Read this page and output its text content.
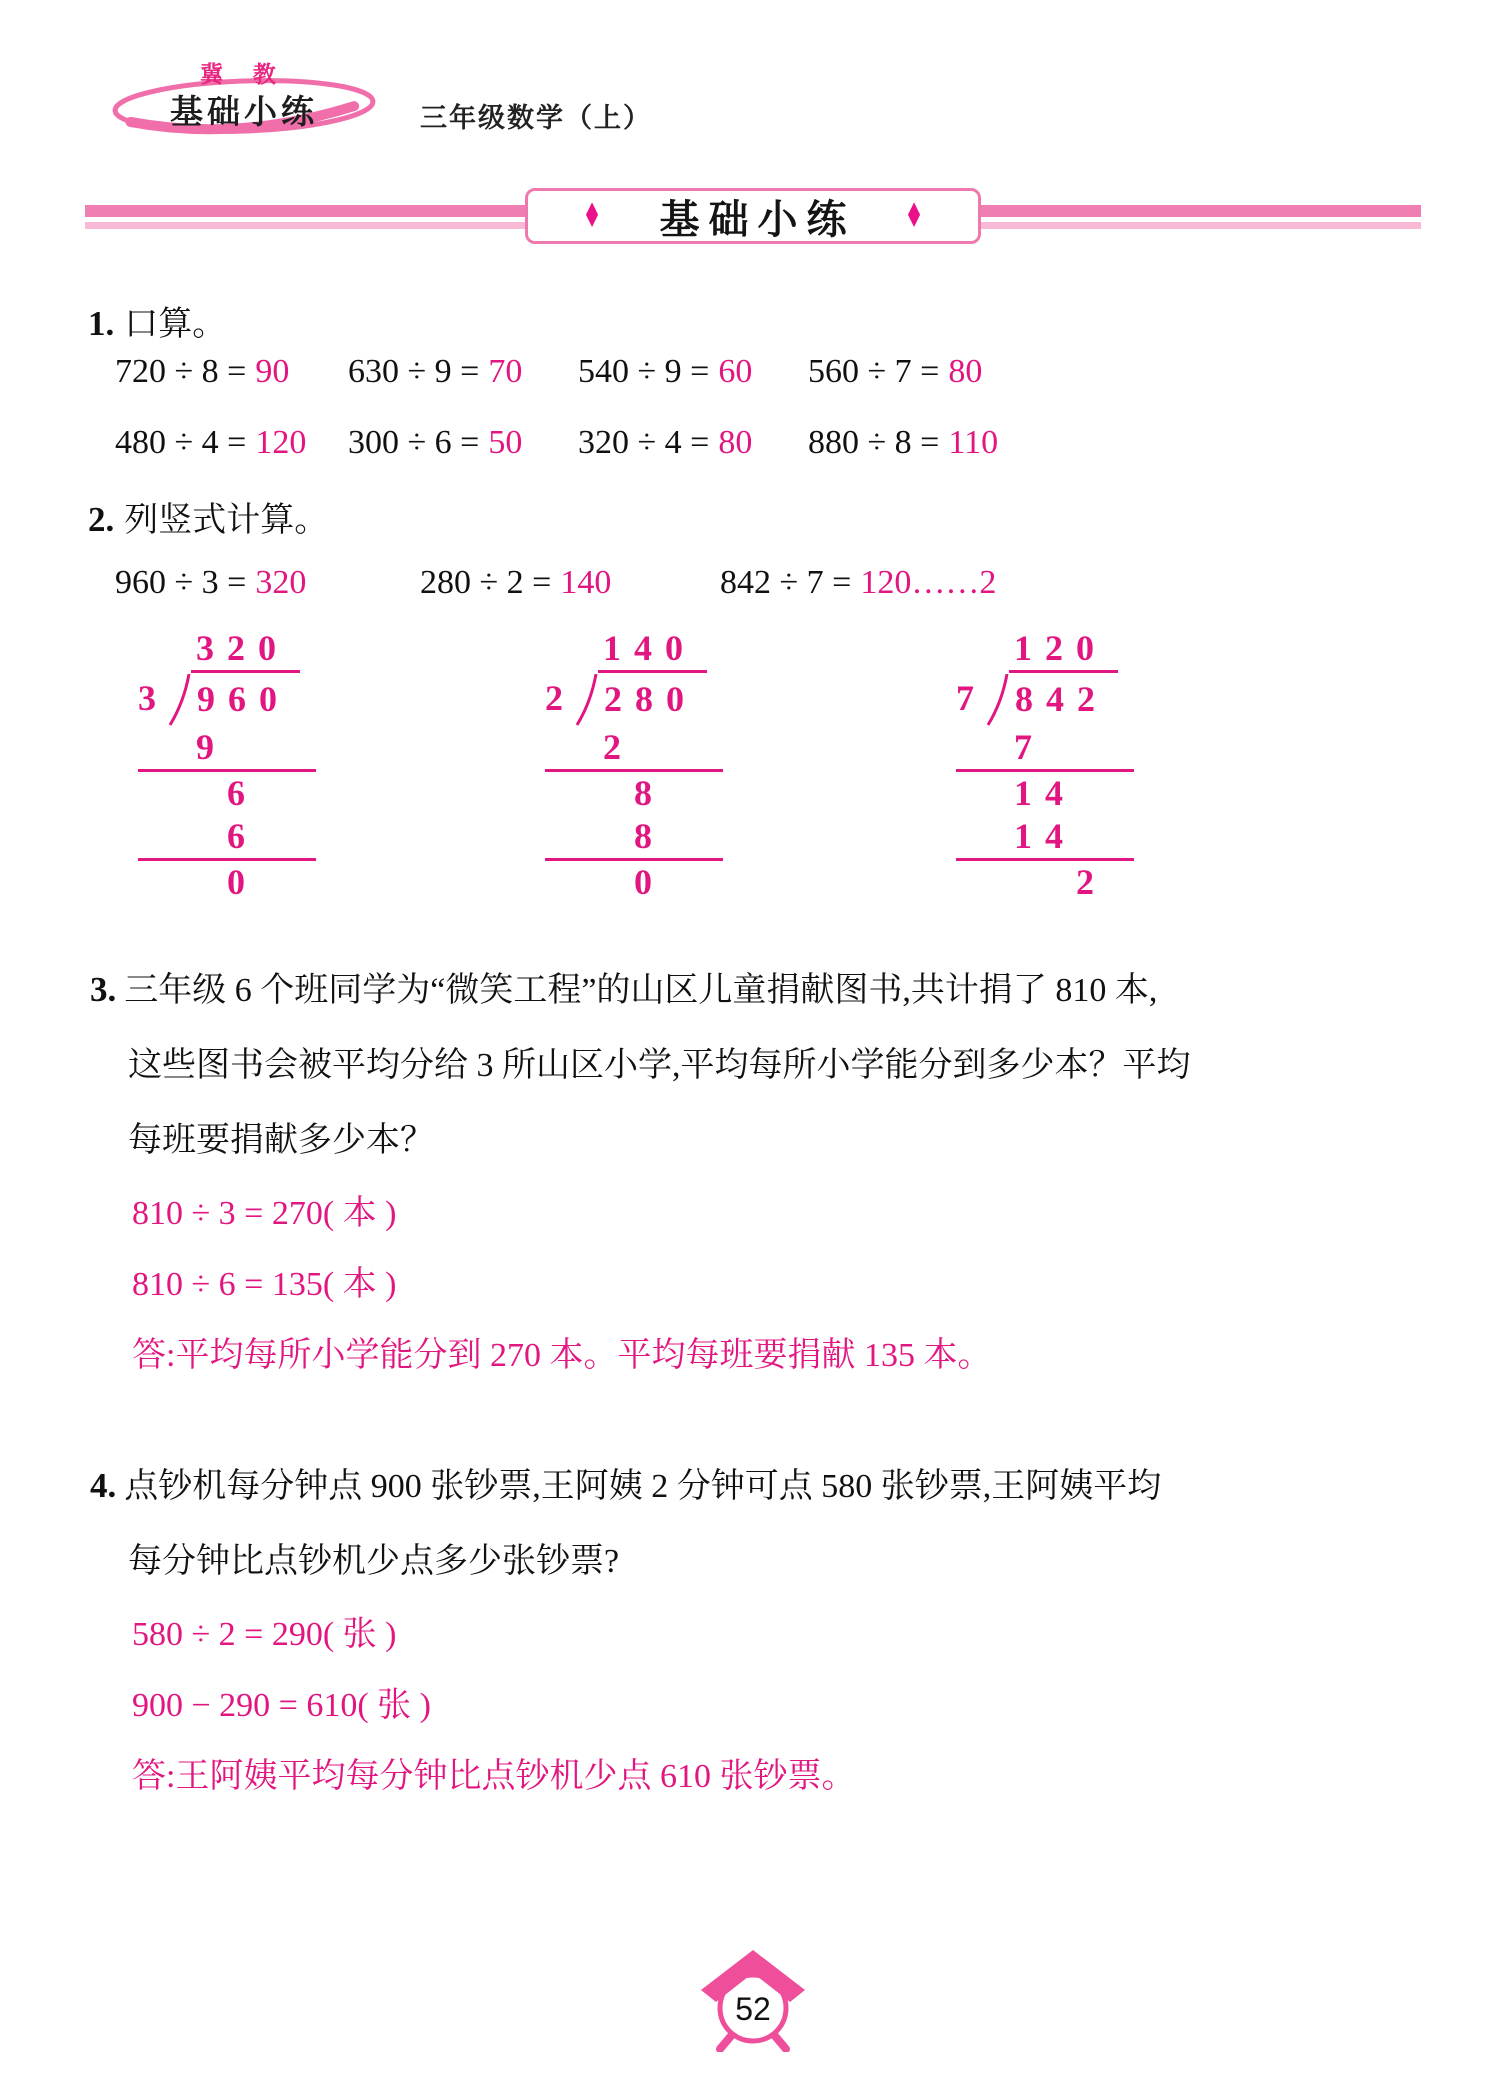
冀 教
基础小练	三年级数学（上）
♦ 基础小练 ♦
1. 口算。
720 ÷ 8 = 90	630 ÷ 9 = 70	540 ÷ 9 = 60	560 ÷ 7 = 80
480 ÷ 4 = 120	300 ÷ 6 = 50	320 ÷ 4 = 80	880 ÷ 8 = 110
2. 列竖式计算。
960 ÷ 3 = 320	280 ÷ 2 = 140	842 ÷ 7 = 120……2
320
3 960
9
6
6
0
140
2 280
2
8
8
0
120
7 842
7
14
14
2
3. 三年级 6 个班同学为“微笑工程”的山区儿童捐献图书,共计捐了 810 本,
这些图书会被平均分给 3 所山区小学,平均每所小学能分到多少本？平均
每班要捐献多少本？
810 ÷ 3 = 270( 本 )
810 ÷ 6 = 135( 本 )
答:平均每所小学能分到 270 本。平均每班要捐献 135 本。
4. 点钞机每分钟点 900 张钞票,王阿姨 2 分钟可点 580 张钞票,王阿姨平均
每分钟比点钞机少点多少张钞票?
580 ÷ 2 = 290( 张 )
900 − 290 = 610( 张 )
答:王阿姨平均每分钟比点钞机少点 610 张钞票。
52
